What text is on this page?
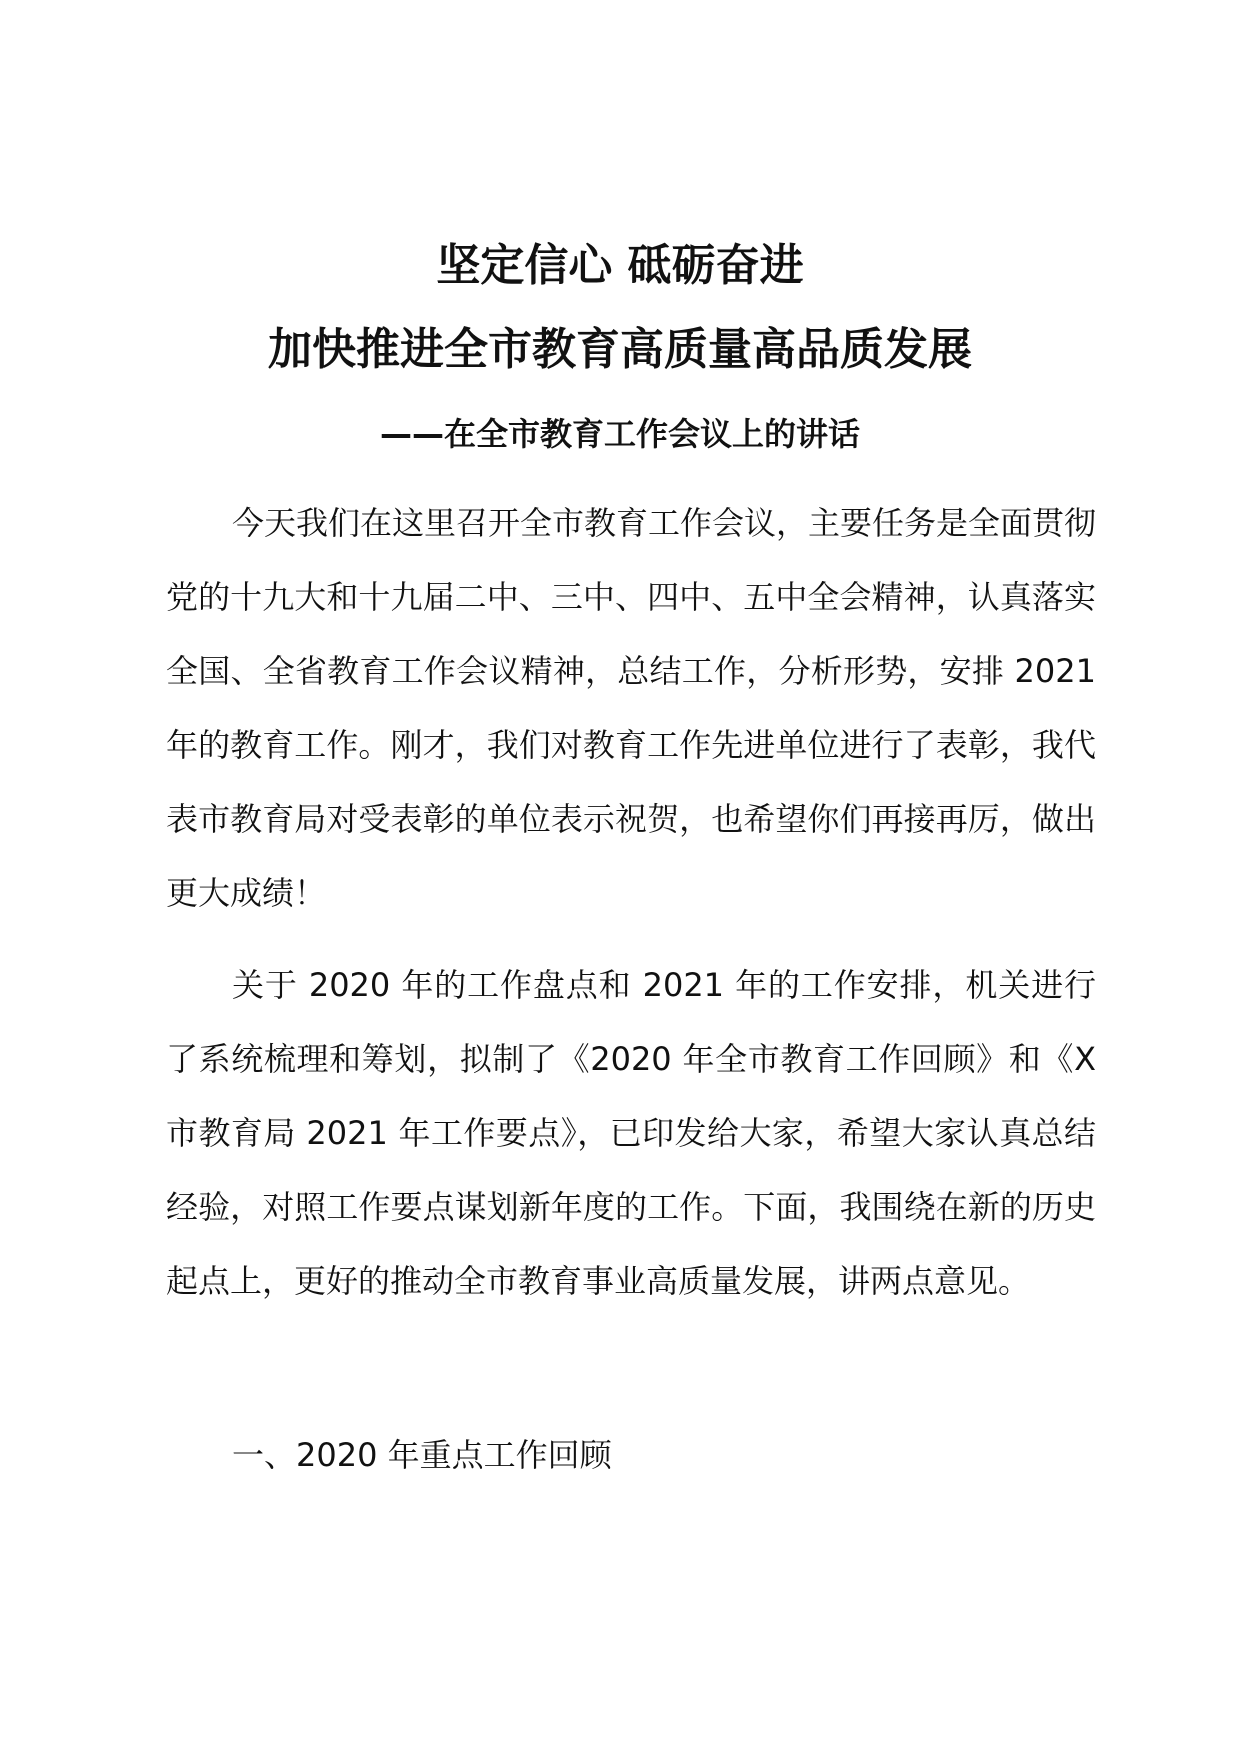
坚定信心 砥砺奋进
加快推进全市教育高质量高品质发展
——在全市教育工作会议上的讲话

今天我们在这里召开全市教育工作会议，主要任务是全面贯彻党的十九大和十九届二中、三中、四中、五中全会精神，认真落实全国、全省教育工作会议精神，总结工作，分析形势，安排 2021 年的教育工作。刚才，我们对教育工作先进单位进行了表彰，我代表市教育局对受表彰的单位表示祝贺，也希望你们再接再厉，做出更大成绩！

关于 2020 年的工作盘点和 2021 年的工作安排，机关进行了系统梳理和筹划，拟制了《2020 年全市教育工作回顾》和《X 市教育局 2021 年工作要点》，已印发给大家，希望大家认真总结经验，对照工作要点谋划新年度的工作。下面，我围绕在新的历史起点上，更好的推动全市教育事业高质量发展，讲两点意见。

一、2020 年重点工作回顾
